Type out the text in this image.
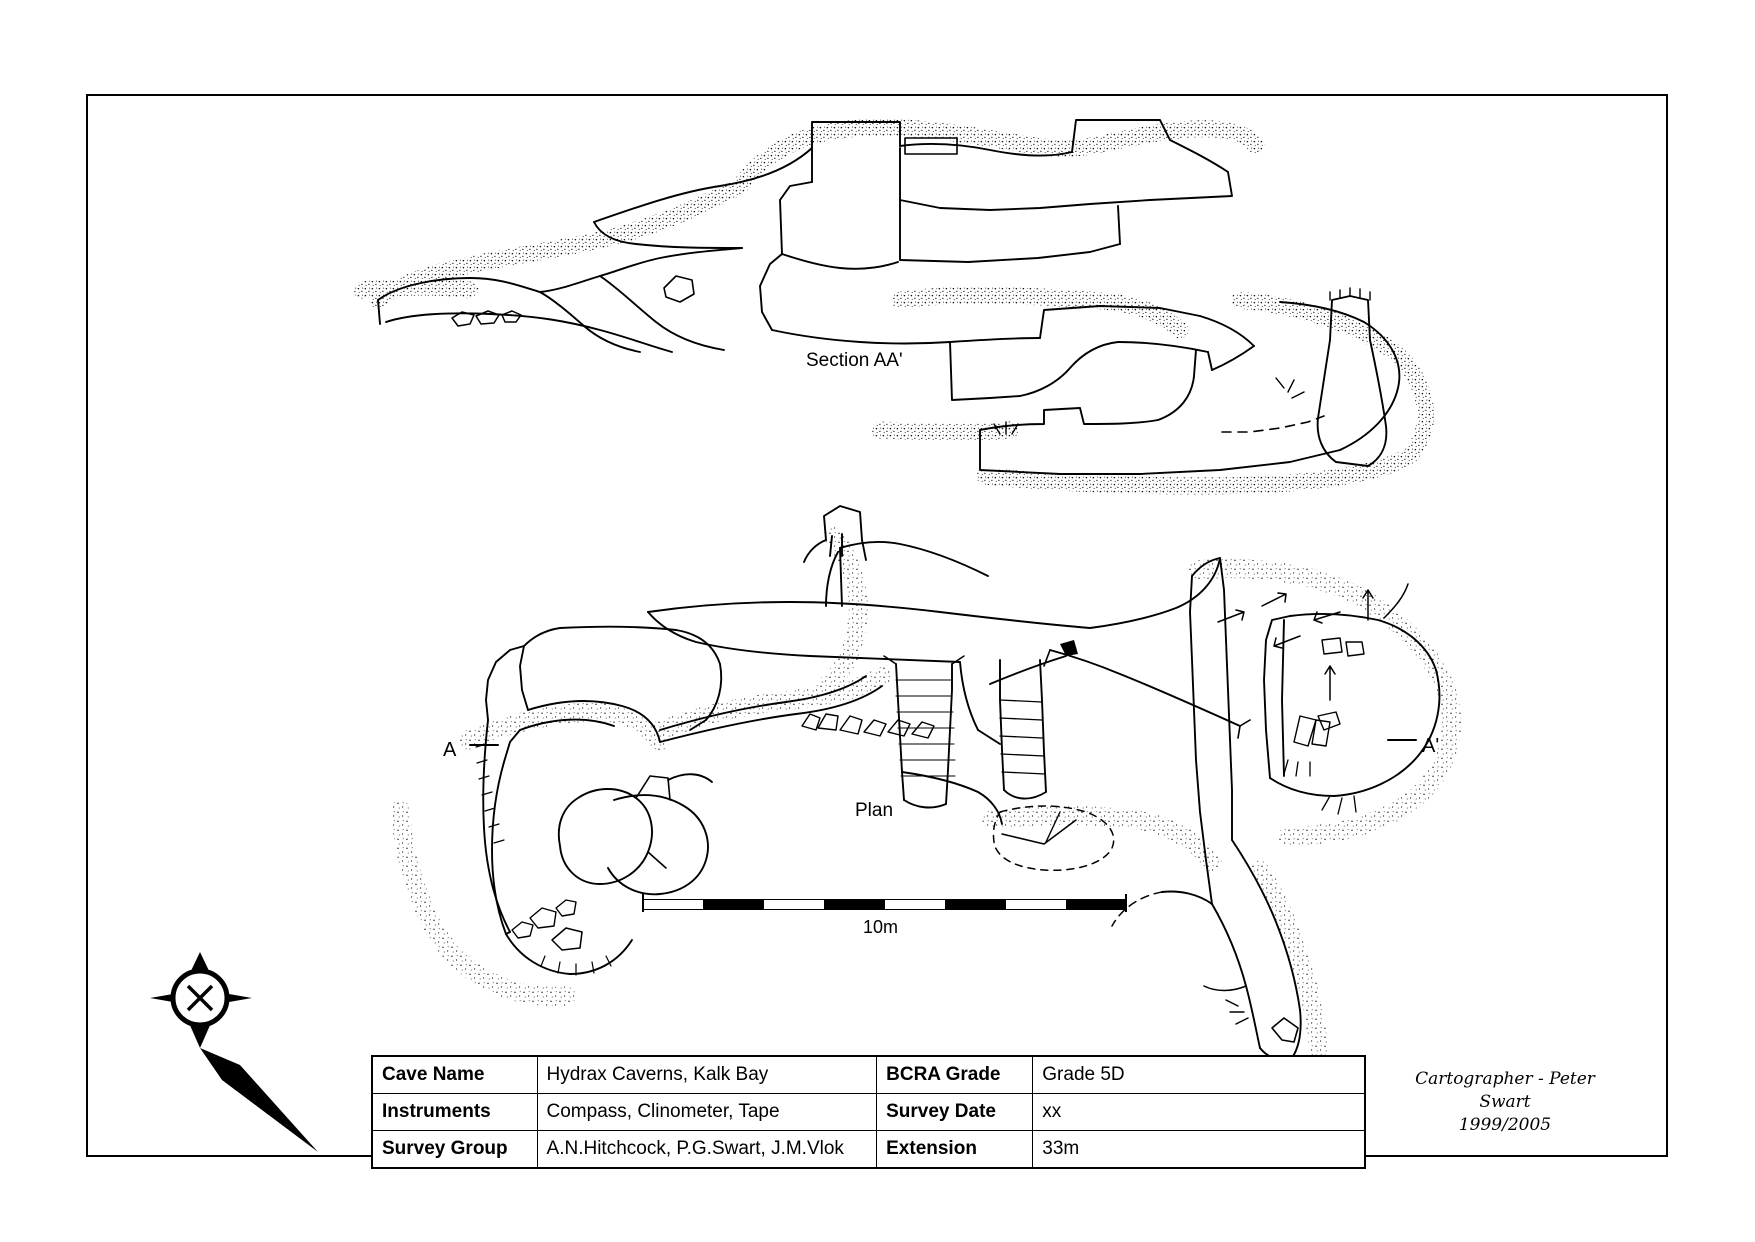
Section AA'
Plan
A	A'
10m
Cave Name	Hydrax Caverns, Kalk Bay	BCRA Grade	Grade 5D
Instruments	Compass, Clinometer, Tape	Survey Date	xx
Survey Group	A.N.Hitchcock, P.G.Swart, J.M.Vlok	Extension	33m
Cartographer - Peter Swart
1999/2005
